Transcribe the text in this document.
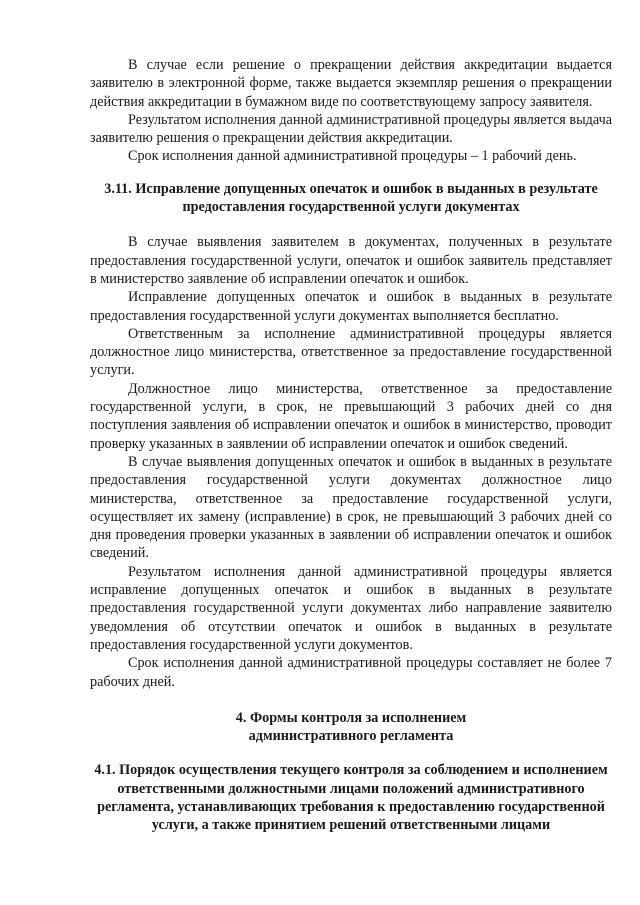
В случае если решение о прекращении действия аккредитации выдается заявителю в электронной форме, также выдается экземпляр решения о прекращении действия аккредитации в бумажном виде по соответствующему запросу заявителя.

Результатом исполнения данной административной процедуры является выдача заявителю решения о прекращении действия аккредитации.

Срок исполнения данной административной процедуры – 1 рабочий день.

3.11. Исправление допущенных опечаток и ошибок в выданных в результате
предоставления государственной услуги документах

В случае выявления заявителем в документах, полученных в результате предоставления государственной услуги, опечаток и ошибок заявитель представляет в министерство заявление об исправлении опечаток и ошибок.

Исправление допущенных опечаток и ошибок в выданных в результате предоставления государственной услуги документах выполняется бесплатно.

Ответственным за исполнение административной процедуры является должностное лицо министерства, ответственное за предоставление государственной услуги.

Должностное лицо министерства, ответственное за предоставление государственной услуги, в срок, не превышающий 3 рабочих дней со дня поступления заявления об исправлении опечаток и ошибок в министерство, проводит проверку указанных в заявлении об исправлении опечаток и ошибок сведений.

В случае выявления допущенных опечаток и ошибок в выданных в результате предоставления государственной услуги документах должностное лицо министерства, ответственное за предоставление государственной услуги, осуществляет их замену (исправление) в срок, не превышающий 3 рабочих дней со дня проведения проверки указанных в заявлении об исправлении опечаток и ошибок сведений.

Результатом исполнения данной административной процедуры является исправление допущенных опечаток и ошибок в выданных в результате предоставления государственной услуги документах либо направление заявителю уведомления об отсутствии опечаток и ошибок в выданных в результате предоставления государственной услуги документов.

Срок исполнения данной административной процедуры составляет не более 7 рабочих дней.

4. Формы контроля за исполнением
административного регламента
4.1. Порядок осуществления текущего контроля за соблюдением и исполнением
ответственными должностными лицами положений административного
регламента, устанавливающих требования к предоставлению государственной
услуги, а также принятием решений ответственными лицами
